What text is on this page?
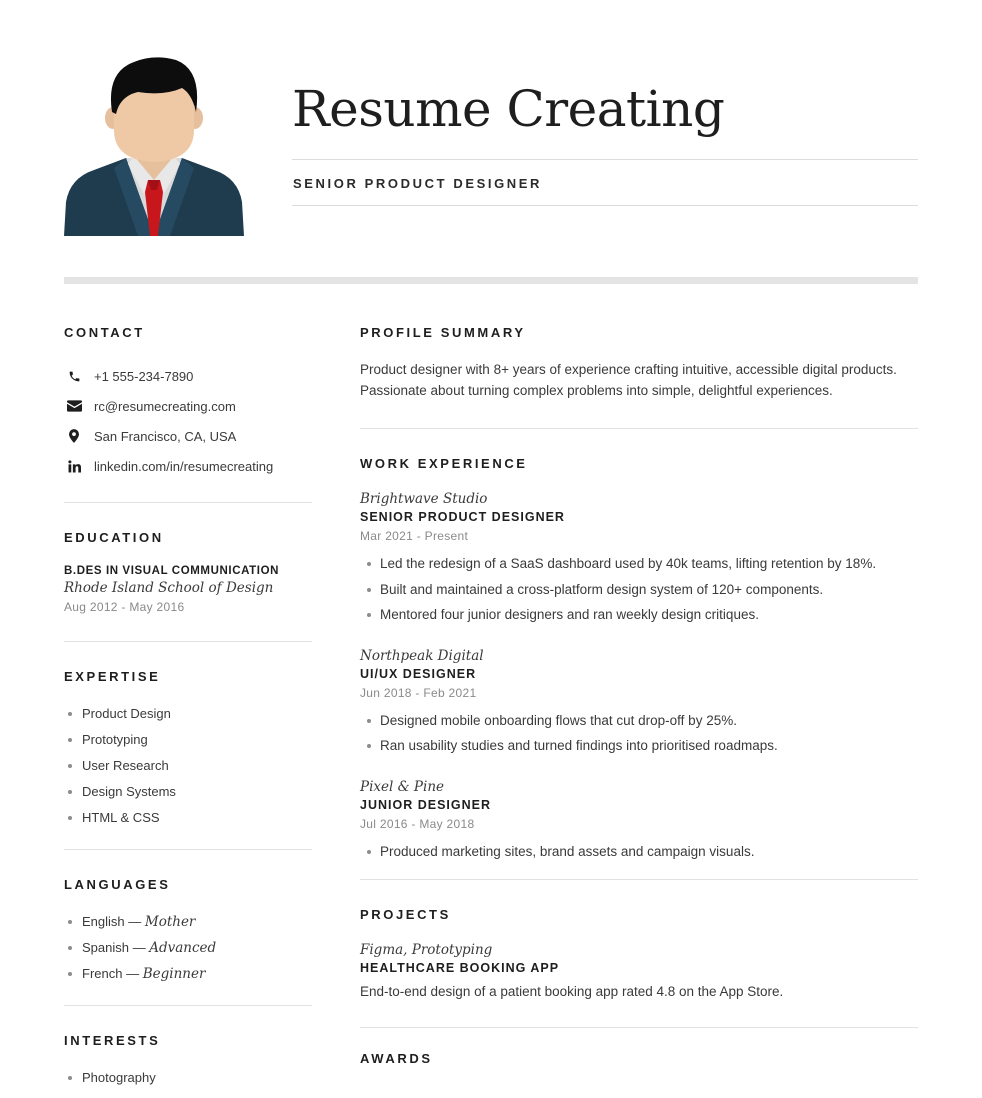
Resume Creating
SENIOR PRODUCT DESIGNER
CONTACT
+1 555-234-7890
rc@resumecreating.com
San Francisco, CA, USA
linkedin.com/in/resumecreating
EDUCATION
B.DES IN VISUAL COMMUNICATION
Rhode Island School of Design
Aug 2012 - May 2016
EXPERTISE
Product Design
Prototyping
User Research
Design Systems
HTML & CSS
LANGUAGES
English — Mother
Spanish — Advanced
French — Beginner
INTERESTS
Photography
PROFILE SUMMARY
Product designer with 8+ years of experience crafting intuitive, accessible digital products. Passionate about turning complex problems into simple, delightful experiences.
WORK EXPERIENCE
Brightwave Studio
SENIOR PRODUCT DESIGNER
Mar 2021 - Present
Led the redesign of a SaaS dashboard used by 40k teams, lifting retention by 18%.
Built and maintained a cross-platform design system of 120+ components.
Mentored four junior designers and ran weekly design critiques.
Northpeak Digital
UI/UX DESIGNER
Jun 2018 - Feb 2021
Designed mobile onboarding flows that cut drop-off by 25%.
Ran usability studies and turned findings into prioritised roadmaps.
Pixel & Pine
JUNIOR DESIGNER
Jul 2016 - May 2018
Produced marketing sites, brand assets and campaign visuals.
PROJECTS
Figma, Prototyping
HEALTHCARE BOOKING APP
End-to-end design of a patient booking app rated 4.8 on the App Store.
AWARDS
